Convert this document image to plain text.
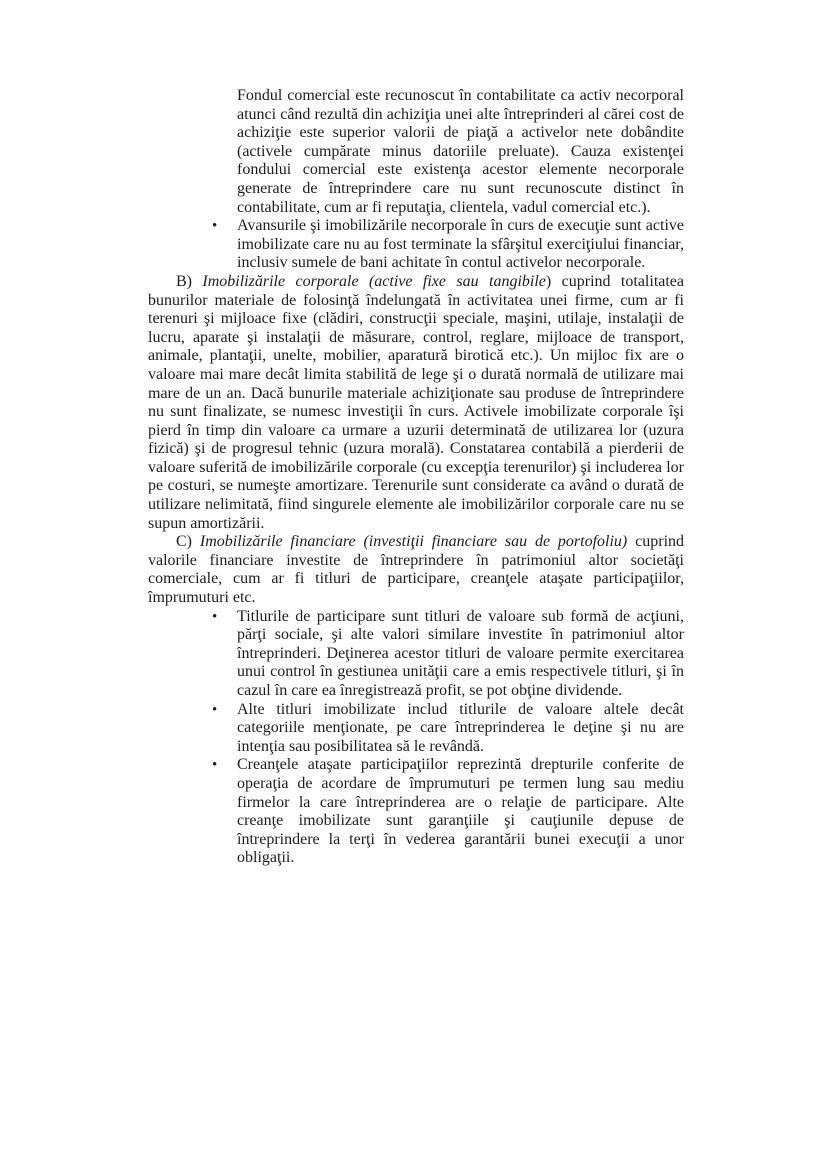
Fondul comercial este recunoscut în contabilitate ca activ necorporal atunci când rezultă din achiziţia unei alte întreprinderi al cărei cost de achiziţie este superior valorii de piaţă a activelor nete dobândite (activele cumpărate minus datoriile preluate). Cauza existenţei fondului comercial este existenţa acestor elemente necorporale generate de întreprindere care nu sunt recunoscute distinct în contabilitate, cum ar fi reputaţia, clientela, vadul comercial etc.).

• Avansurile şi imobilizările necorporale în curs de execuţie sunt active imobilizate care nu au fost terminate la sfârşitul exerciţiului financiar, inclusiv sumele de bani achitate în contul activelor necorporale.

B) Imobilizările corporale (active fixe sau tangibile) cuprind totalitatea bunurilor materiale de folosinţă îndelungată în activitatea unei firme, cum ar fi terenuri şi mijloace fixe (clădiri, construcţii speciale, maşini, utilaje, instalaţii de lucru, aparate şi instalaţii de măsurare, control, reglare, mijloace de transport, animale, plantaţii, unelte, mobilier, aparatură birotică etc.). Un mijloc fix are o valoare mai mare decât limita stabilită de lege şi o durată normală de utilizare mai mare de un an. Dacă bunurile materiale achiziţionate sau produse de întreprindere nu sunt finalizate, se numesc investiţii în curs. Activele imobilizate corporale îşi pierd în timp din valoare ca urmare a uzurii determinată de utilizarea lor (uzura fizică) şi de progresul tehnic (uzura morală). Constatarea contabilă a pierderii de valoare suferită de imobilizările corporale (cu excepţia terenurilor) şi includerea lor pe costuri, se numeşte amortizare. Terenurile sunt considerate ca având o durată de utilizare nelimitată, fiind singurele elemente ale imobilizărilor corporale care nu se supun amortizării.

C) Imobilizările financiare (investiţii financiare sau de portofoliu) cuprind valorile financiare investite de întreprindere în patrimoniul altor societăţi comerciale, cum ar fi titluri de participare, creanţele ataşate participaţiilor, împrumuturi etc.

• Titlurile de participare sunt titluri de valoare sub formă de acţiuni, părţi sociale, şi alte valori similare investite în patrimoniul altor întreprinderi. Deţinerea acestor titluri de valoare permite exercitarea unui control în gestiunea unităţii care a emis respectivele titluri, şi în cazul în care ea înregistrează profit, se pot obţine dividende.
• Alte titluri imobilizate includ titlurile de valoare altele decât categoriile menţionate, pe care întreprinderea le deţine şi nu are intenţia sau posibilitatea să le revândă.
• Creanţele ataşate participaţiilor reprezintă drepturile conferite de operaţia de acordare de împrumuturi pe termen lung sau mediu firmelor la care întreprinderea are o relaţie de participare. Alte creanţe imobilizate sunt garanţiile şi cauţiunile depuse de întreprindere la terţi în vederea garantării bunei execuţii a unor obligaţii.
